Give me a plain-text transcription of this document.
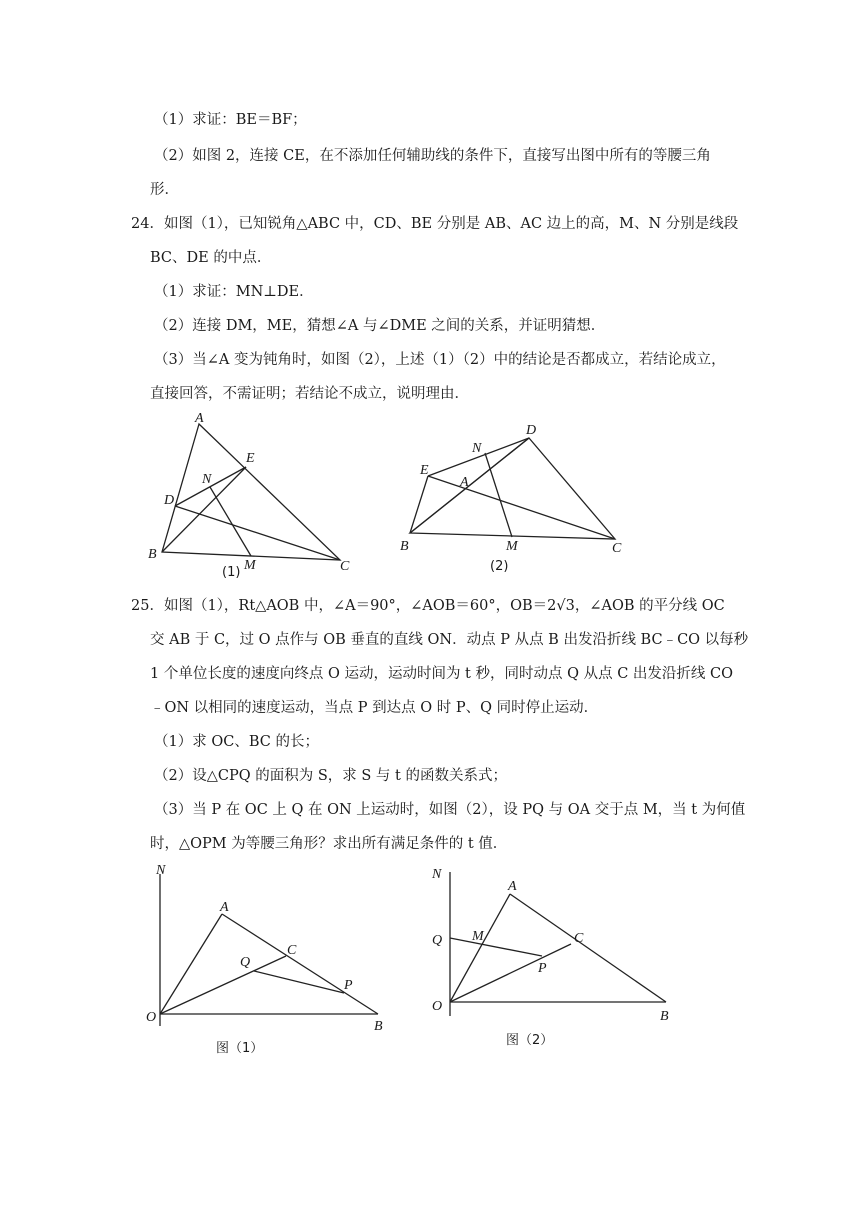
（1）求证：BE＝BF；
（2）如图 2，连接 CE，在不添加任何辅助线的条件下，直接写出图中所有的等腰三角
形．
24．如图（1），已知锐角△ABC 中，CD、BE 分别是 AB、AC 边上的高，M、N 分别是线段
BC、DE 的中点．
（1）求证：MN⊥DE．
（2）连接 DM，ME，猜想∠A 与∠DME 之间的关系，并证明猜想．
（3）当∠A 变为钝角时，如图（2），上述（1）（2）中的结论是否都成立，若结论成立，
直接回答，不需证明；若结论不成立，说明理由．
A
B
C
D
E
M
N
(1)
D
E
N
A
B	M	C
(2)
25．如图（1），Rt△AOB 中，∠A＝90°，∠AOB＝60°，OB＝2√3，∠AOB 的平分线 OC
交 AB 于 C，过 O 点作与 OB 垂直的直线 ON．动点 P 从点 B 出发沿折线 BC﹣CO 以每秒
1 个单位长度的速度向终点 O 运动，运动时间为 t 秒，同时动点 Q 从点 C 出发沿折线 CO
﹣ON 以相同的速度运动，当点 P 到达点 O 时 P、Q 同时停止运动．
（1）求 OC、BC 的长；
（2）设△CPQ 的面积为 S，求 S 与 t 的函数关系式；
（3）当 P 在 OC 上 Q 在 ON 上运动时，如图（2），设 PQ 与 OA 交于点 M，当 t 为何值
时，△OPM 为等腰三角形？求出所有满足条件的 t 值．
N
A
C
Q
P
O
B
图（1）
N
A
M	C
Q
P
O
B
图（2）
